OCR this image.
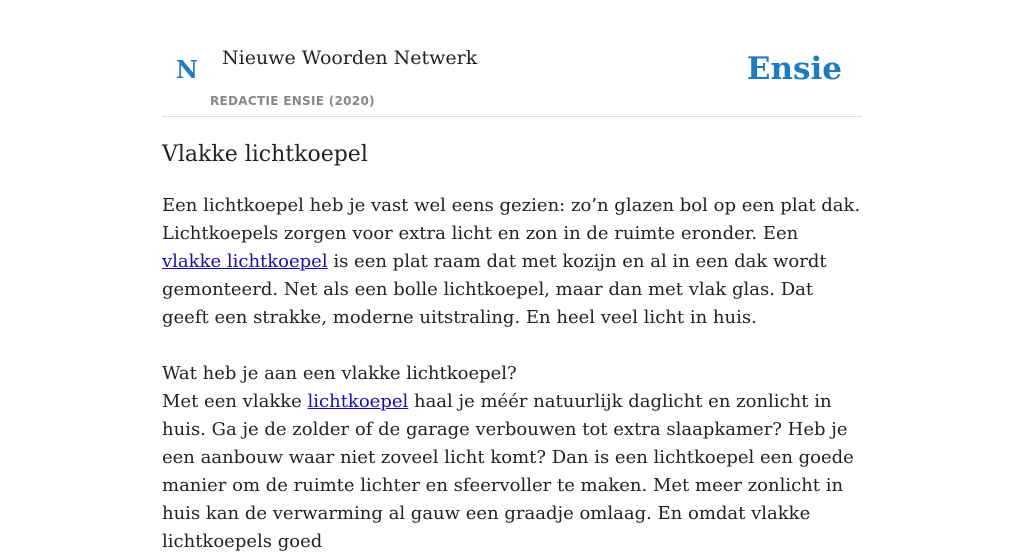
N Nieuwe Woorden Netwerk
REDACTIE ENSIE (2020)
Ensie
Vlakke lichtkoepel

Een lichtkoepel heb je vast wel eens gezien: zo’n glazen bol op een plat dak. Lichtkoepels zorgen voor extra licht en zon in de ruimte eronder. Een vlakke lichtkoepel is een plat raam dat met kozijn en al in een dak wordt gemonteerd. Net als een bolle lichtkoepel, maar dan met vlak glas. Dat geeft een strakke, moderne uitstraling. En heel veel licht in huis.

Wat heb je aan een vlakke lichtkoepel?

Met een vlakke lichtkoepel haal je méér natuurlijk daglicht en zonlicht in huis. Ga je de zolder of de garage verbouwen tot extra slaapkamer? Heb je een aanbouw waar niet zoveel licht komt? Dan is een lichtkoepel een goede manier om de ruimte lichter en sfeervoller te maken. Met meer zonlicht in huis kan de verwarming al gauw een graadje omlaag. En omdat vlakke lichtkoepels goed
